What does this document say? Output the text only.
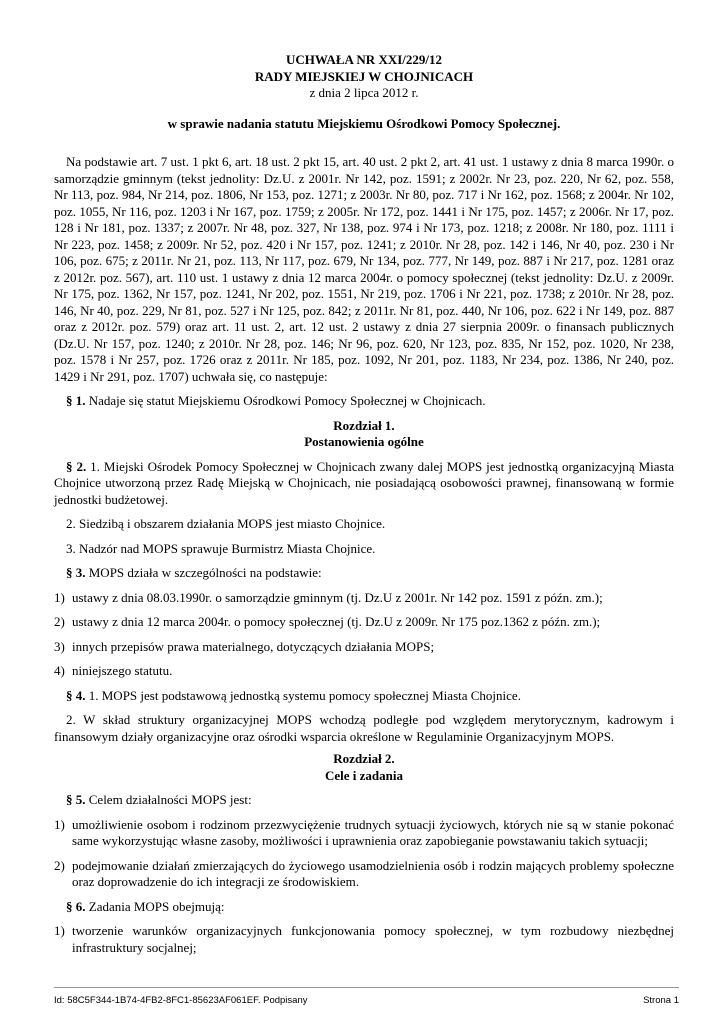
UCHWAŁA NR XXI/229/12

RADY MIEJSKIEJ W CHOJNICACH

z dnia 2 lipca 2012 r.

w sprawie nadania statutu Miejskiemu Ośrodkowi Pomocy Społecznej.

Na podstawie art. 7 ust. 1 pkt 6, art. 18 ust. 2 pkt 15, art. 40 ust. 2 pkt 2, art. 41 ust. 1 ustawy z dnia 8 marca 1990r. o samorządzie gminnym (tekst jednolity: Dz.U. z 2001r. Nr 142, poz. 1591; z 2002r. Nr 23, poz. 220, Nr 62, poz. 558, Nr 113, poz. 984, Nr 214, poz. 1806, Nr 153, poz. 1271; z 2003r. Nr 80, poz. 717 i Nr 162, poz. 1568; z 2004r. Nr 102, poz. 1055, Nr 116, poz. 1203 i Nr 167, poz. 1759; z 2005r. Nr 172, poz. 1441 i Nr 175, poz. 1457; z 2006r. Nr 17, poz. 128 i Nr 181, poz. 1337; z 2007r. Nr 48, poz. 327, Nr 138, poz. 974 i Nr 173, poz. 1218; z 2008r. Nr 180, poz. 1111 i Nr 223, poz. 1458; z 2009r. Nr 52, poz. 420 i Nr 157, poz. 1241; z 2010r. Nr 28, poz. 142 i 146, Nr 40, poz. 230 i Nr 106, poz. 675; z 2011r. Nr 21, poz. 113, Nr 117, poz. 679, Nr 134, poz. 777, Nr 149, poz. 887 i Nr 217, poz. 1281 oraz z 2012r. poz. 567), art. 110 ust. 1 ustawy z dnia 12 marca 2004r. o pomocy społecznej (tekst jednolity: Dz.U. z 2009r. Nr 175, poz. 1362, Nr 157, poz. 1241, Nr 202, poz. 1551, Nr 219, poz. 1706 i Nr 221, poz. 1738; z 2010r. Nr 28, poz. 146, Nr 40, poz. 229, Nr 81, poz. 527 i Nr 125, poz. 842; z 2011r. Nr 81, poz. 440, Nr 106, poz. 622 i Nr 149, poz. 887 oraz z 2012r. poz. 579) oraz art. 11 ust. 2, art. 12 ust. 2 ustawy z dnia 27 sierpnia 2009r. o finansach publicznych (Dz.U. Nr 157, poz. 1240; z 2010r. Nr 28, poz. 146; Nr 96, poz. 620, Nr 123, poz. 835, Nr 152, poz. 1020, Nr 238, poz. 1578 i Nr 257, poz. 1726 oraz z 2011r. Nr 185, poz. 1092, Nr 201, poz. 1183, Nr 234, poz. 1386, Nr 240, poz. 1429 i Nr 291, poz. 1707) uchwała się, co następuje:

§ 1. Nadaje się statut Miejskiemu Ośrodkowi Pomocy Społecznej w Chojnicach.

Rozdział 1.

Postanowienia ogólne

§ 2. 1. Miejski Ośrodek Pomocy Społecznej w Chojnicach zwany dalej MOPS jest jednostką organizacyjną Miasta Chojnice utworzoną przez Radę Miejską w Chojnicach, nie posiadającą osobowości prawnej, finansowaną w formie jednostki budżetowej.

2. Siedzibą i obszarem działania MOPS jest miasto Chojnice.

3. Nadzór nad MOPS sprawuje Burmistrz Miasta Chojnice.

§ 3. MOPS działa w szczególności na podstawie:

1) ustawy z dnia 08.03.1990r. o samorządzie gminnym (tj. Dz.U z 2001r. Nr 142 poz. 1591 z późn. zm.);
2) ustawy z dnia 12 marca 2004r. o pomocy społecznej (tj. Dz.U z 2009r. Nr 175 poz.1362 z późn. zm.);
3) innych przepisów prawa materialnego, dotyczących działania MOPS;
4) niniejszego statutu.

§ 4. 1. MOPS jest podstawową jednostką systemu pomocy społecznej Miasta Chojnice.

2. W skład struktury organizacyjnej MOPS wchodzą podległe pod względem merytorycznym, kadrowym i finansowym działy organizacyjne oraz ośrodki wsparcia określone w Regulaminie Organizacyjnym MOPS.

Rozdział 2.

Cele i zadania

§ 5. Celem działalności MOPS jest:

1) umożliwienie osobom i rodzinom przezwyciężenie trudnych sytuacji życiowych, których nie są w stanie pokonać same wykorzystując własne zasoby, możliwości i uprawnienia oraz zapobieganie powstawaniu takich sytuacji;
2) podejmowanie działań zmierzających do życiowego usamodzielnienia osób i rodzin mających problemy społeczne oraz doprowadzenie do ich integracji ze środowiskiem.

§ 6. Zadania MOPS obejmują:

1) tworzenie warunków organizacyjnych funkcjonowania pomocy społecznej, w tym rozbudowy niezbędnej infrastruktury socjalnej;
Id: 58C5F344-1B74-4FB2-8FC1-85623AF061EF. Podpisany	Strona 1
